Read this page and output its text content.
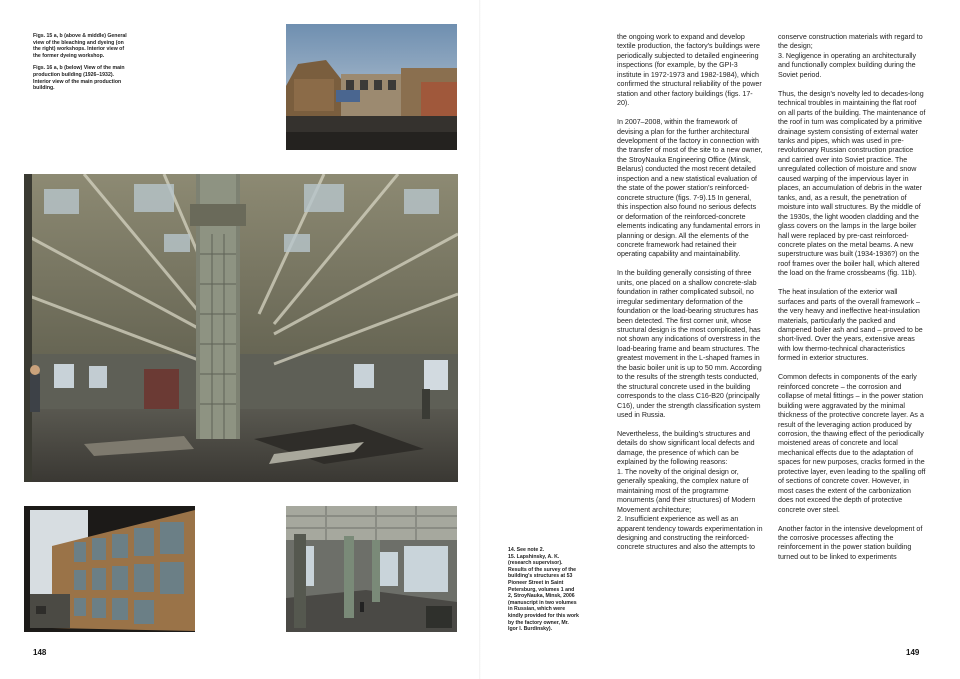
Figs. 15 a, b (above & middle) General view of the bleaching and dyeing (on the right) workshops. Interior view of the former dyeing workshop.

Figs. 16 a, b (below) View of the main production building (1926–1932). Interior view of the main production building.

14. See note 2.

15. Lapshinsky, A. K. (research supervisor). Results of the survey of the building's structures at 53 Pioneer Street in Saint Petersburg, volumes 1 and 2, StroyNauka, Minsk, 2006 (manuscript in two volumes in Russian, which were kindly provided for this work by the factory owner, Mr. Igor I. Burdinsky).

148

the ongoing work to expand and develop textile production, the factory's buildings were periodically subjected to detailed engineering inspections (for example, by the GPI-3 institute in 1972-1973 and 1982-1984), which confirmed the structural reliability of the power station and other factory buildings (figs. 17-20).

In 2007–2008, within the framework of devising a plan for the further architectural development of the factory in connection with the transfer of most of the site to a new owner, the StroyNauka Engineering Office (Minsk, Belarus) conducted the most recent detailed inspection and a new statistical evaluation of the state of the power station's reinforced-concrete structure (figs. 7-9).15 In general, this inspection also found no serious defects or deformation of the reinforced-concrete elements indicating any fundamental errors in planning or design. All the elements of the concrete framework had retained their operating capability and maintainability.

In the building generally consisting of three units, one placed on a shallow concrete-slab foundation in rather complicated subsoil, no irregular sedimentary deformation of the foundation or the load-bearing structures has been detected. The first corner unit, whose structural design is the most complicated, has not shown any indications of overstress in the load-bearing frame and beam structures. The greatest movement in the L-shaped frames in the basic boiler unit is up to 50 mm. According to the results of the strength tests conducted, the structural concrete used in the building corresponds to the class C16-B20 (principally C16), under the strength classification system used in Russia.

Nevertheless, the building's structures and details do show significant local defects and damage, the presence of which can be explained by the following reasons:
1. The novelty of the original design or, generally speaking, the complex nature of maintaining most of the programme monuments (and their structures) of Modern Movement architecture;
2. Insufficient experience as well as an apparent tendency towards experimentation in designing and constructing the reinforced-concrete structures and also the attempts to

conserve construction materials with regard to the design;
3. Negligence in operating an architecturally and functionally complex building during the Soviet period.

Thus, the design's novelty led to decades-long technical troubles in maintaining the flat roof on all parts of the building. The maintenance of the roof in turn was complicated by a primitive drainage system consisting of external water tanks and pipes, which was used in pre-revolutionary Russian construction practice and carried over into Soviet practice. The unregulated collection of moisture and snow caused warping of the impervious layer in places, an accumulation of debris in the water tanks, and, as a result, the penetration of moisture into wall structures. By the middle of the 1930s, the light wooden cladding and the glass covers on the lamps in the large boiler hall were replaced by pre-cast reinforced-concrete plates on the metal beams. A new superstructure was built (1934-1936?) on the roof frames over the boiler hall, which altered the load on the frame crossbeams (fig. 11b).

The heat insulation of the exterior wall surfaces and parts of the overall framework – the very heavy and ineffective heat-insulation materials, particularly the packed and dampened boiler ash and sand – proved to be short-lived. Over the years, extensive areas with low thermo-technical characteristics formed in exterior structures.

Common defects in components of the early reinforced concrete – the corrosion and collapse of metal fittings – in the power station building were aggravated by the minimal thickness of the protective concrete layer. As a result of the leveraging action produced by corrosion, the thawing effect of the periodically moistened areas of concrete and local mechanical effects due to the adaptation of spaces for new purposes, cracks formed in the protective layer, even leading to the spalling off of sections of concrete cover. However, in most cases the extent of the carbonization does not exceed the depth of protective concrete over steel.

Another factor in the intensive development of the corrosive processes affecting the reinforcement in the power station building turned out to be linked to experiments

149
